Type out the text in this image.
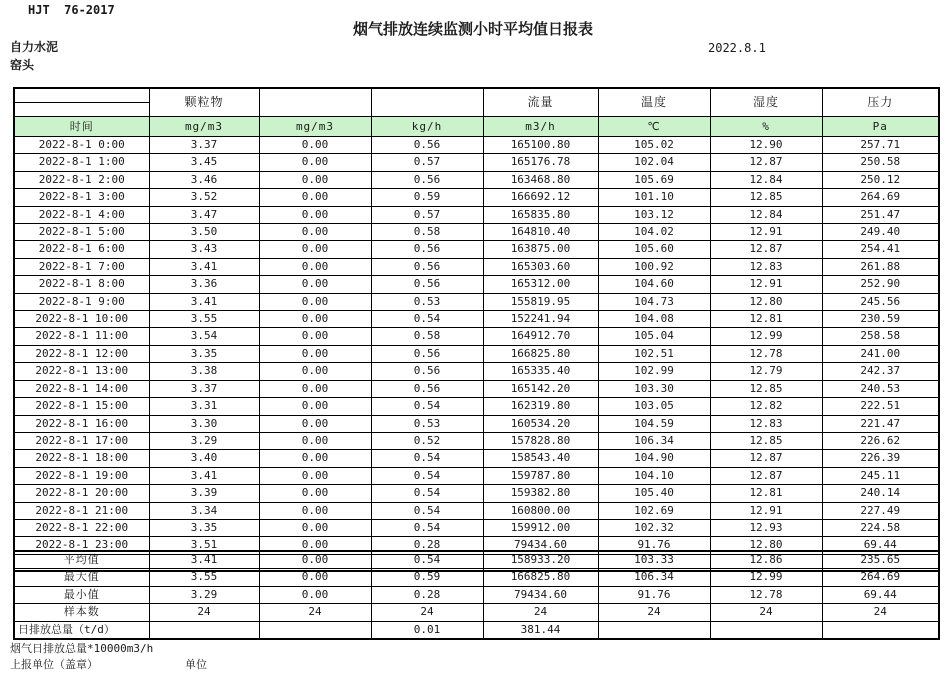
HJT  76-2017
烟气排放连续监测小时平均值日报表
自力水泥
窑头
2022.8.1
	颗粒物			流量	温度	湿度	压力

时间	mg/m3	mg/m3	kg/h	m3/h	℃	%	Pa
2022-8-1 0:00	3.37	0.00	0.56	165100.80	105.02	12.90	257.71
2022-8-1 1:00	3.45	0.00	0.57	165176.78	102.04	12.87	250.58
2022-8-1 2:00	3.46	0.00	0.56	163468.80	105.69	12.84	250.12
2022-8-1 3:00	3.52	0.00	0.59	166692.12	101.10	12.85	264.69
2022-8-1 4:00	3.47	0.00	0.57	165835.80	103.12	12.84	251.47
2022-8-1 5:00	3.50	0.00	0.58	164810.40	104.02	12.91	249.40
2022-8-1 6:00	3.43	0.00	0.56	163875.00	105.60	12.87	254.41
2022-8-1 7:00	3.41	0.00	0.56	165303.60	100.92	12.83	261.88
2022-8-1 8:00	3.36	0.00	0.56	165312.00	104.60	12.91	252.90
2022-8-1 9:00	3.41	0.00	0.53	155819.95	104.73	12.80	245.56
2022-8-1 10:00	3.55	0.00	0.54	152241.94	104.08	12.81	230.59
2022-8-1 11:00	3.54	0.00	0.58	164912.70	105.04	12.99	258.58
2022-8-1 12:00	3.35	0.00	0.56	166825.80	102.51	12.78	241.00
2022-8-1 13:00	3.38	0.00	0.56	165335.40	102.99	12.79	242.37
2022-8-1 14:00	3.37	0.00	0.56	165142.20	103.30	12.85	240.53
2022-8-1 15:00	3.31	0.00	0.54	162319.80	103.05	12.82	222.51
2022-8-1 16:00	3.30	0.00	0.53	160534.20	104.59	12.83	221.47
2022-8-1 17:00	3.29	0.00	0.52	157828.80	106.34	12.85	226.62
2022-8-1 18:00	3.40	0.00	0.54	158543.40	104.90	12.87	226.39
2022-8-1 19:00	3.41	0.00	0.54	159787.80	104.10	12.87	245.11
2022-8-1 20:00	3.39	0.00	0.54	159382.80	105.40	12.81	240.14
2022-8-1 21:00	3.34	0.00	0.54	160800.00	102.69	12.91	227.49
2022-8-1 22:00	3.35	0.00	0.54	159912.00	102.32	12.93	224.58
2022-8-1 23:00	3.51	0.00	0.28	79434.60	91.76	12.80	69.44

平均值	3.41	0.00	0.54	158933.20	103.33	12.86	235.65
最大值	3.55	0.00	0.59	166825.80	106.34	12.99	264.69
最小值	3.29	0.00	0.28	79434.60	91.76	12.78	69.44
样本数	24	24	24	24	24	24	24
日排放总量（t/d）			0.01	381.44			
烟气日排放总量*10000m3/h
上报单位（盖章）	单位
